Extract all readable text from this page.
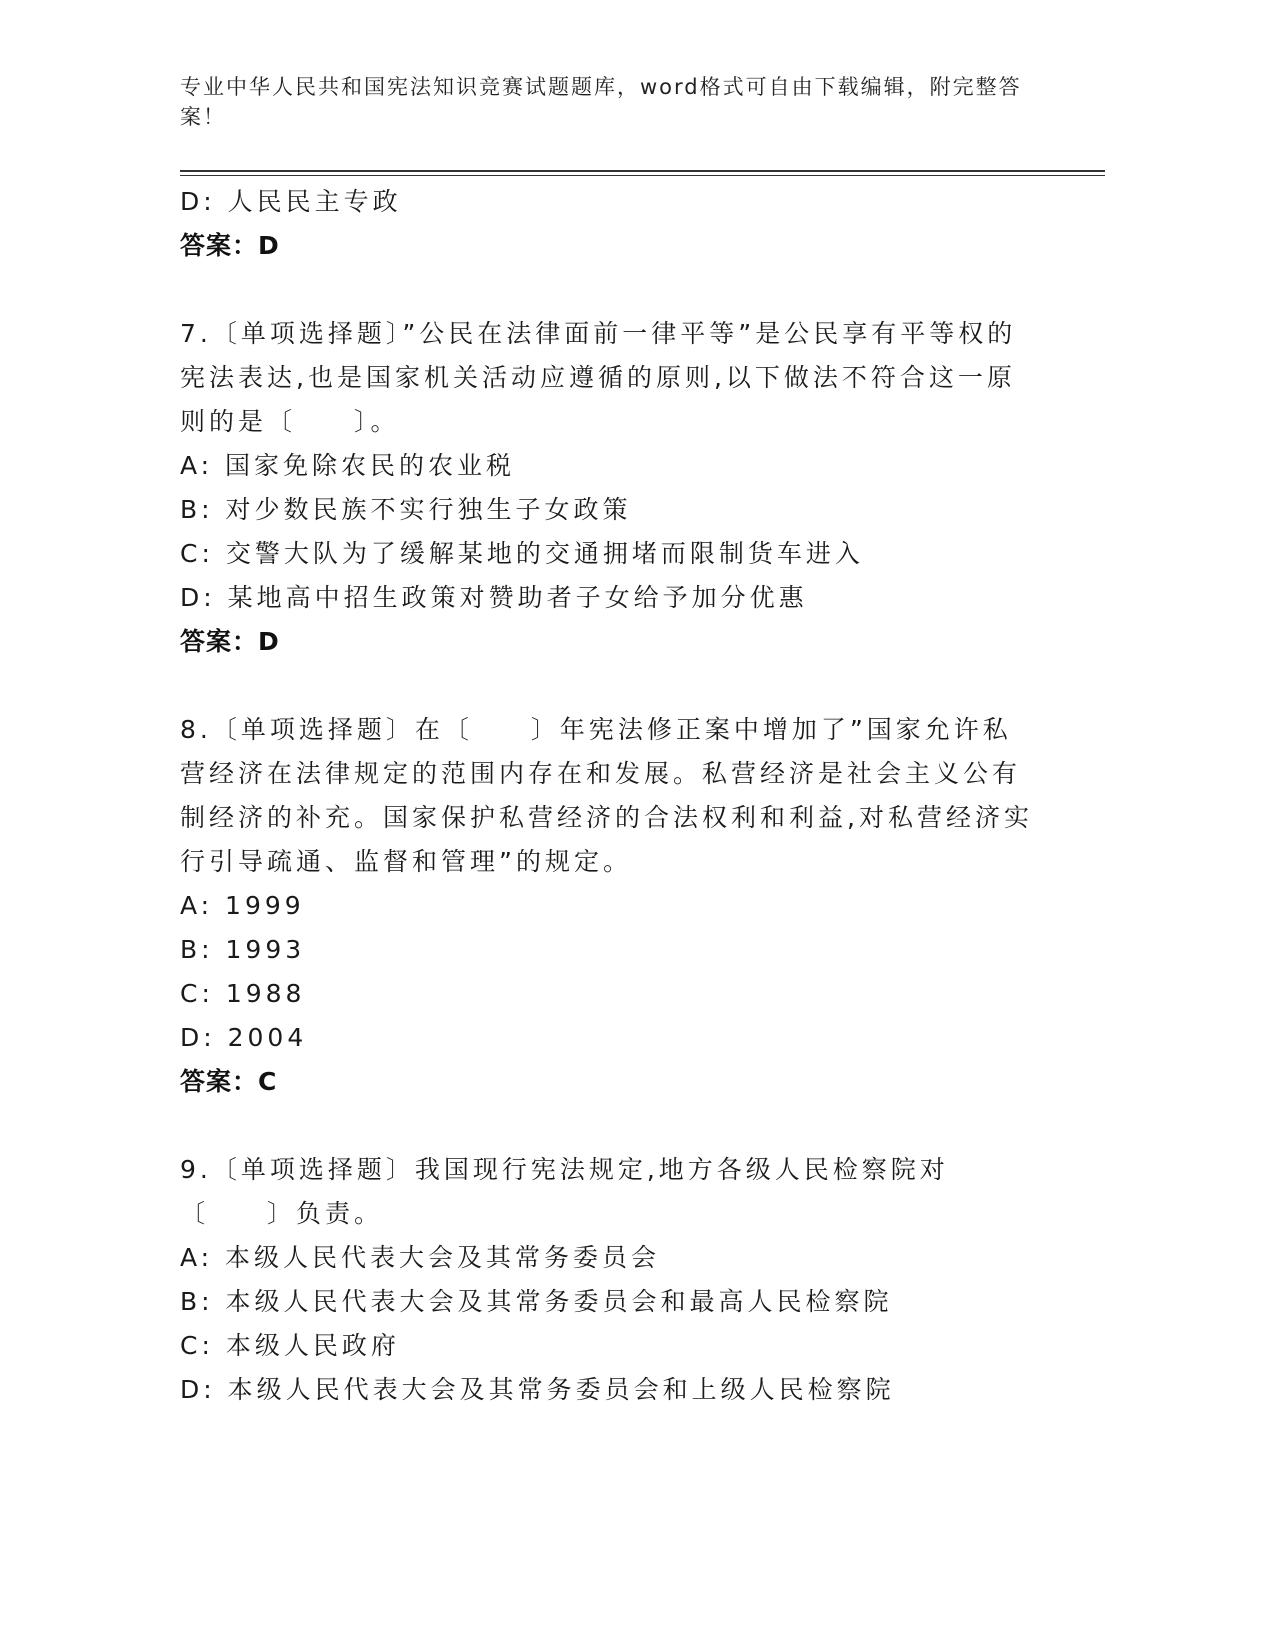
专业中华人民共和国宪法知识竞赛试题题库，word格式可自由下载编辑，附完整答案！
D: 人民民主专政
答案：D
7.〔单项选择题〕”公民在法律面前一律平等”是公民享有平等权的宪法表达,也是国家机关活动应遵循的原则,以下做法不符合这一原则的是〔　　〕。
A: 国家免除农民的农业税
B: 对少数民族不实行独生子女政策
C: 交警大队为了缓解某地的交通拥堵而限制货车进入
D: 某地高中招生政策对赞助者子女给予加分优惠
答案：D
8.〔单项选择题〕在〔　　〕年宪法修正案中增加了”国家允许私营经济在法律规定的范围内存在和发展。私营经济是社会主义公有制经济的补充。国家保护私营经济的合法权利和利益,对私营经济实行引导疏通、监督和管理”的规定。
A: 1999
B: 1993
C: 1988
D: 2004
答案：C
9.〔单项选择题〕我国现行宪法规定,地方各级人民检察院对〔　　〕负责。
A: 本级人民代表大会及其常务委员会
B: 本级人民代表大会及其常务委员会和最高人民检察院
C: 本级人民政府
D: 本级人民代表大会及其常务委员会和上级人民检察院
